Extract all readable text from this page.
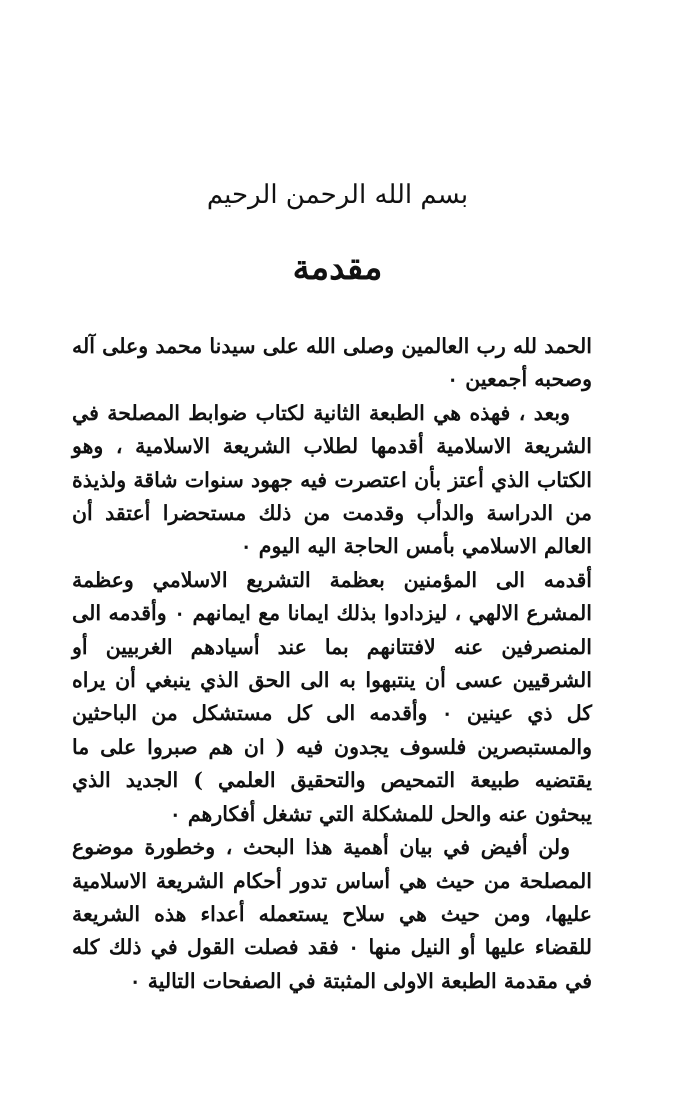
بسم الله الرحمن الرحيم
مقدمة

الحمد لله رب العالمين وصلى الله على سيدنا محمد وعلى آله وصحبه أجمعين ٠

وبعد ، فهذه هي الطبعة الثانية لكتاب ضوابط المصلحة في الشريعة الاسلامية أقدمها لطلاب الشريعة الاسلامية ، وهو الكتاب الذي أعتز بأن اعتصرت فيه جهود سنوات شاقة ولذيذة من الدراسة والدأب وقدمت من ذلك مستحضرا أعتقد أن العالم الاسلامي بأمس الحاجة اليه اليوم ٠

أقدمه الى المؤمنين بعظمة التشريع الاسلامي وعظمة المشرع الالهي ، ليزدادوا بذلك ايمانا مع ايمانهم ٠ وأقدمه الى المنصرفين عنه لافتتانهم بما عند أسيادهم الغربيين أو الشرقيين عسى أن ينتبهوا به الى الحق الذي ينبغي أن يراه كل ذي عينين ٠ وأقدمه الى كل مستشكل من الباحثين والمستبصرين فلسوف يجدون فيه ( ان هم صبروا على ما يقتضيه طبيعة التمحيص والتحقيق العلمي ) الجديد الذي يبحثون عنه والحل للمشكلة التي تشغل أفكارهم ٠

ولن أفيض في بيان أهمية هذا البحث ، وخطورة موضوع المصلحة من حيث هي أساس تدور أحكام الشريعة الاسلامية عليها، ومن حيث هي سلاح يستعمله أعداء هذه الشريعة للقضاء عليها أو النيل منها ٠ فقد فصلت القول في ذلك كله في مقدمة الطبعة الاولى المثبتة في الصفحات التالية ٠
